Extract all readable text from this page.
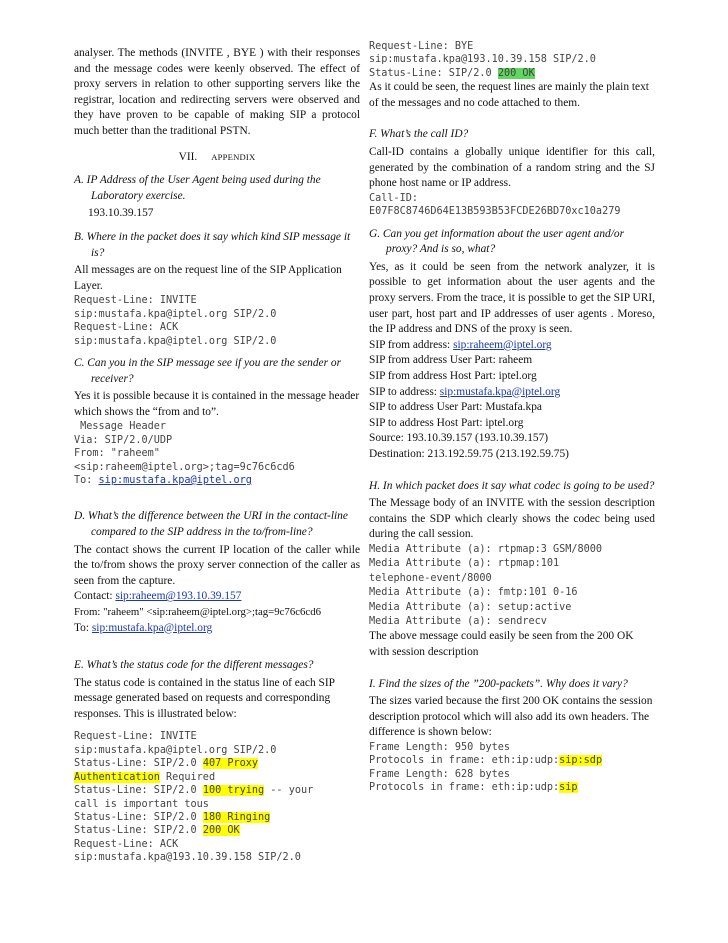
analyser. The methods (INVITE , BYE ) with their responses and the message codes were keenly observed. The effect of proxy servers in relation to other supporting servers like the registrar, location and redirecting servers were observed and they have proven to be capable of making SIP a protocol much better than the traditional PSTN.

VII. APPENDIX

A. IP Address of the User Agent being used during the Laboratory exercise.

193.10.39.157

B. Where in the packet does it say which kind SIP message it is?

All messages are on the request line of the SIP Application Layer.

Request-Line: INVITE
sip:mustafa.kpa@iptel.org SIP/2.0
Request-Line: ACK
sip:mustafa.kpa@iptel.org SIP/2.0

C. Can you in the SIP message see if you are the sender or receiver?

Yes it is possible because it is contained in the message header which shows the “from and to”.

Message Header
Via: SIP/2.0/UDP
From: "raheem"
<sip:raheem@iptel.org>;tag=9c76c6cd6
To: sip:mustafa.kpa@iptel.org

D. What’s the difference between the URI in the contact-line compared to the SIP address in the to/from-line?

The contact shows the current IP location of the caller while the to/from shows the proxy server connection of the caller as seen from the capture.

Contact: sip:raheem@193.10.39.157

From: "raheem" <sip:raheem@iptel.org>;tag=9c76c6cd6

To: sip:mustafa.kpa@iptel.org

E. What’s the status code for the different messages?

The status code is contained in the status line of each SIP message generated based on requests and corresponding responses. This is illustrated below:

Request-Line: INVITE
sip:mustafa.kpa@iptel.org SIP/2.0
Status-Line: SIP/2.0 407 Proxy
Authentication Required
Status-Line: SIP/2.0 100 trying -- your
call is important tous
Status-Line: SIP/2.0 180 Ringing
Status-Line: SIP/2.0 200 OK
Request-Line: ACK
sip:mustafa.kpa@193.10.39.158 SIP/2.0
Request-Line: BYE
sip:mustafa.kpa@193.10.39.158 SIP/2.0
Status-Line: SIP/2.0 200 OK

As it could be seen, the request lines are mainly the plain text of the messages and no code attached to them.

F. What’s the call ID?

Call-ID contains a globally unique identifier for this call, generated by the combination of a random string and the SJ phone host name or IP address.

Call-ID:
E07F8C8746D64E13B593B53FCDE26BD70xc10a279

G. Can you get information about the user agent and/or proxy? And is so, what?

Yes, as it could be seen from the network analyzer, it is possible to get information about the user agents and the proxy servers. From the trace, it is possible to get the SIP URI, user part, host part and IP addresses of user agents . Moreso, the IP address and DNS of the proxy is seen.

SIP from address: sip:raheem@iptel.org

SIP from address User Part: raheem

SIP from address Host Part: iptel.org

SIP to address: sip:mustafa.kpa@iptel.org

SIP to address User Part: Mustafa.kpa

SIP to address Host Part: iptel.org

Source: 193.10.39.157 (193.10.39.157)

Destination: 213.192.59.75 (213.192.59.75)

H. In which packet does it say what codec is going to be used?

The Message body of an INVITE with the session description contains the SDP which clearly shows the codec being used during the call session.

Media Attribute (a): rtpmap:3 GSM/8000
Media Attribute (a): rtpmap:101
telephone-event/8000
Media Attribute (a): fmtp:101 0-16
Media Attribute (a): setup:active
Media Attribute (a): sendrecv

The above message could easily be seen from the 200 OK with session description

I. Find the sizes of the ”200-packets”. Why does it vary?

The sizes varied because the first 200 OK contains the session description protocol which will also add its own headers. The difference is shown below:

Frame Length: 950 bytes
Protocols in frame: eth:ip:udp:sip:sdp
Frame Length: 628 bytes
Protocols in frame: eth:ip:udp:sip
